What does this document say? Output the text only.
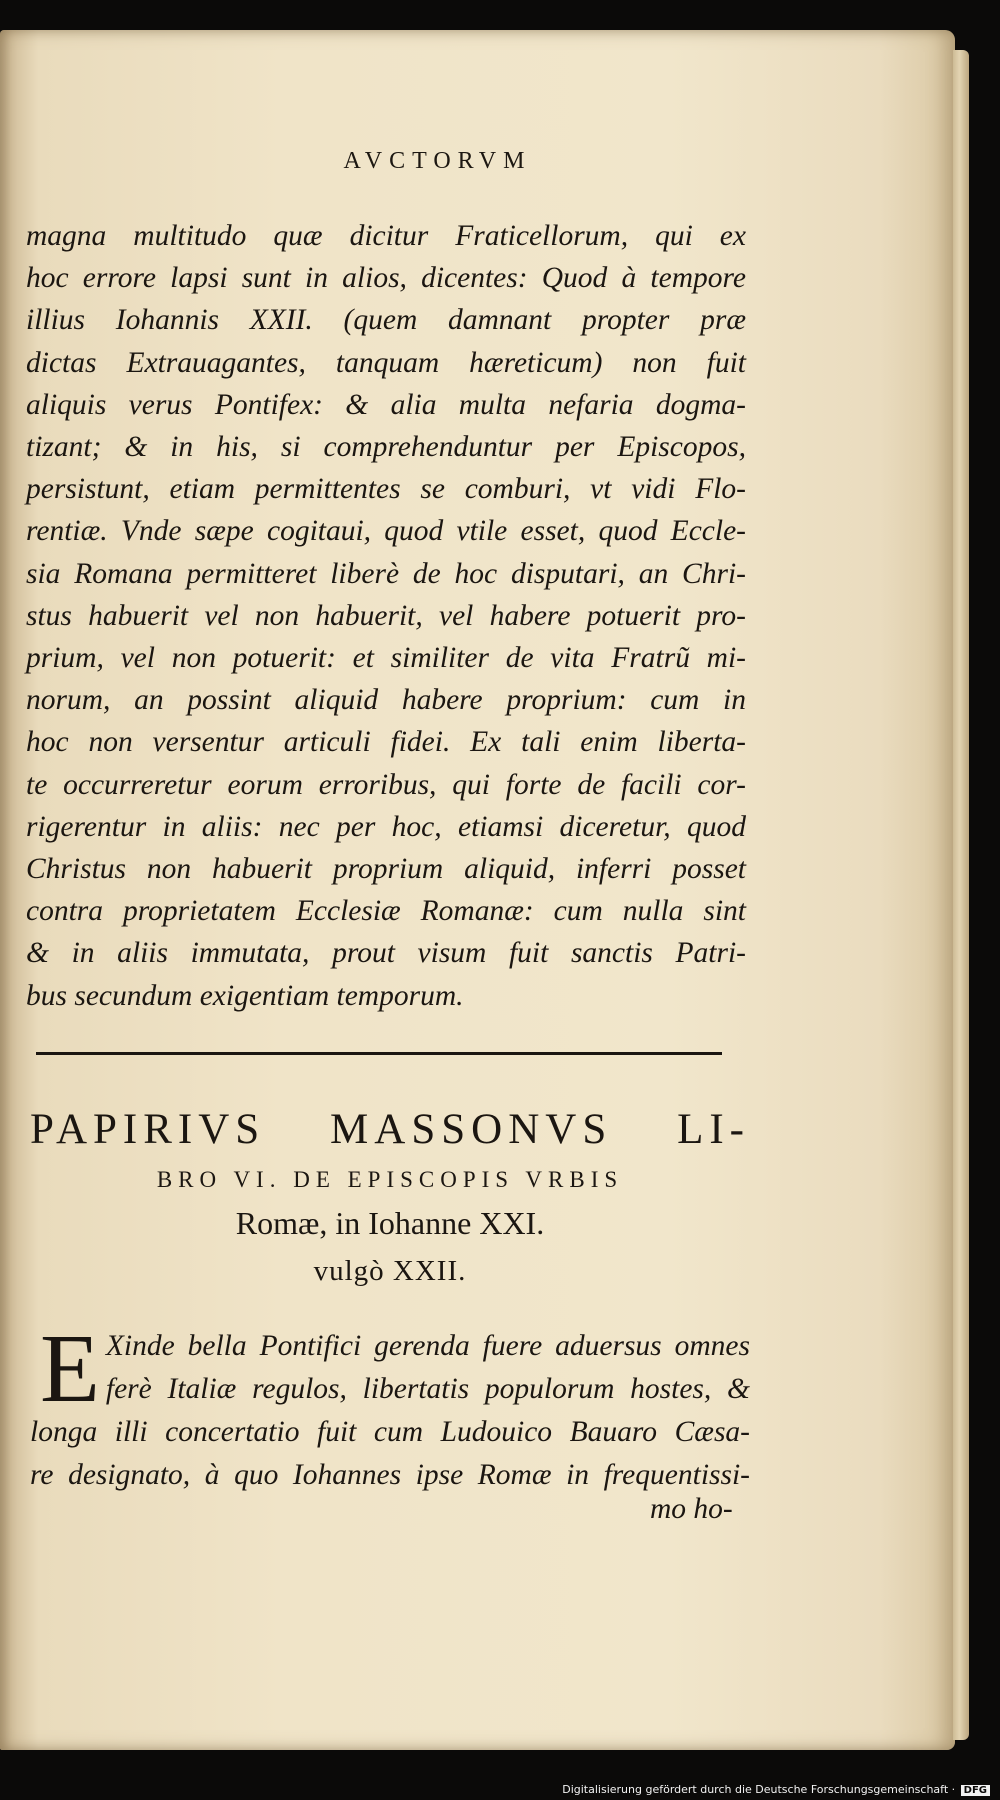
AVCTORVM
magna multitudo quæ dicitur Fraticellorum, qui ex
hoc errore lapsi sunt in alios, dicentes: Quod à tempore
illius Iohannis XXII. (quem damnant propter præ
dictas Extrauagantes, tanquam hæreticum) non fuit
aliquis verus Pontifex: & alia multa nefaria dogma-
tizant; & in his, si comprehenduntur per Episcopos,
persistunt, etiam permittentes se comburi, vt vidi Flo-
rentiæ. Vnde sæpe cogitaui, quod vtile esset, quod Eccle-
sia Romana permitteret liberè de hoc disputari, an Chri-
stus habuerit vel non habuerit, vel habere potuerit pro-
prium, vel non potuerit: et similiter de vita Fratrũ mi-
norum, an possint aliquid habere proprium: cum in
hoc non versentur articuli fidei. Ex tali enim liberta-
te occurreretur eorum erroribus, qui forte de facili cor-
rigerentur in aliis: nec per hoc, etiamsi diceretur, quod
Christus non habuerit proprium aliquid, inferri posset
contra proprietatem Ecclesiæ Romanæ: cum nulla sint
& in aliis immutata, prout visum fuit sanctis Patri-
bus secundum exigentiam temporum.
PAPIRIVS MASSONVS LI-
BRO VI. DE EPISCOPIS VRBIS
Romæ, in Iohanne XXI.
vulgò XXII.
E Xinde bella Pontifici gerenda fuere aduersus omnes
ferè Italiæ regulos, libertatis populorum hostes, &
longa illi concertatio fuit cum Ludouico Bauaro Cæsa-
re designato, à quo Iohannes ipse Romæ in frequentissi-
mo ho-
Digitalisierung gefördert durch die Deutsche Forschungsgemeinschaft · DFG
